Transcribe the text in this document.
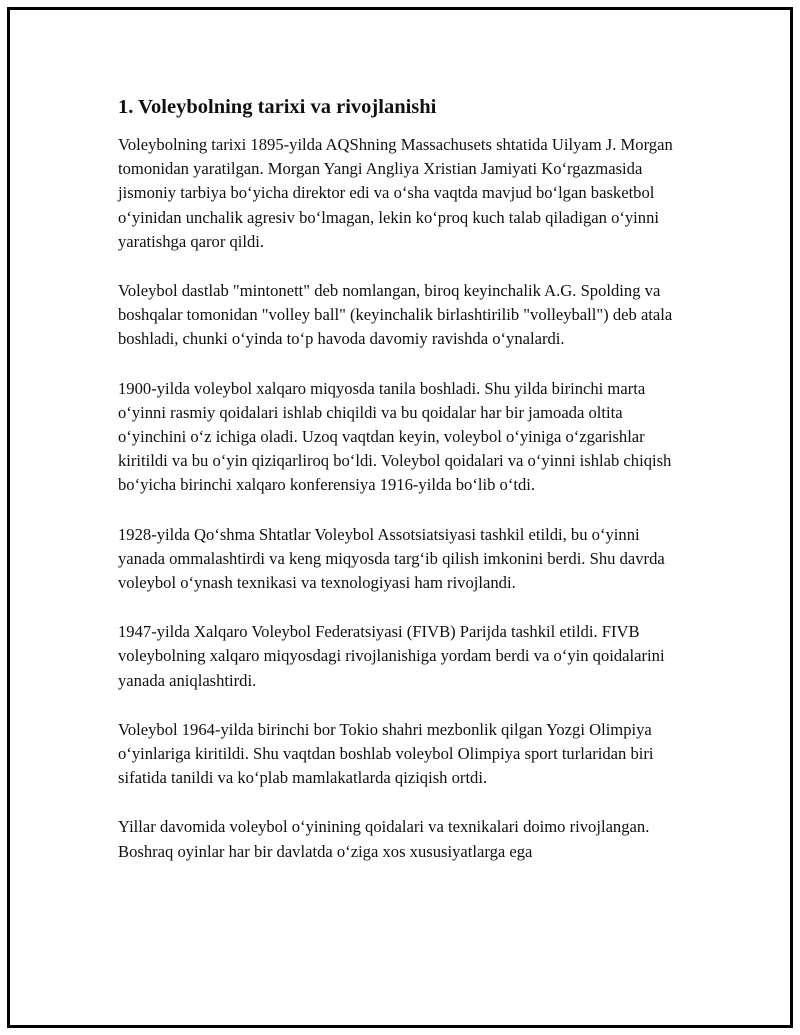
1. Voleybolning tarixi va rivojlanishi

Voleybolning tarixi 1895-yilda AQShning Massachusets shtatida Uilyam J. Morgan tomonidan yaratilgan. Morgan Yangi Angliya Xristian Jamiyati Koʻrgazmasida jismoniy tarbiya boʻyicha direktor edi va oʻsha vaqtda mavjud boʻlgan basketbol oʻyinidan unchalik agresiv boʻlmagan, lekin koʻproq kuch talab qiladigan oʻyinni yaratishga qaror qildi.

Voleybol dastlab "mintonett" deb nomlangan, biroq keyinchalik A.G. Spolding va boshqalar tomonidan "volley ball" (keyinchalik birlashtirilib "volleyball") deb atala boshladi, chunki oʻyinda toʻp havoda davomiy ravishda oʻynalardi.

1900-yilda voleybol xalqaro miqyosda tanila boshladi. Shu yilda birinchi marta oʻyinni rasmiy qoidalari ishlab chiqildi va bu qoidalar har bir jamoada oltita oʻyinchini oʻz ichiga oladi. Uzoq vaqtdan keyin, voleybol oʻyiniga oʻzgarishlar kiritildi va bu oʻyin qiziqarliroq boʻldi. Voleybol qoidalari va oʻyinni ishlab chiqish boʻyicha birinchi xalqaro konferensiya 1916-yilda boʻlib oʻtdi.

1928-yilda Qoʻshma Shtatlar Voleybol Assotsiatsiyasi tashkil etildi, bu oʻyinni yanada ommalashtirdi va keng miqyosda targʻib qilish imkonini berdi. Shu davrda voleybol oʻynash texnikasi va texnologiyasi ham rivojlandi.

1947-yilda Xalqaro Voleybol Federatsiyasi (FIVB) Parijda tashkil etildi. FIVB voleybolning xalqaro miqyosdagi rivojlanishiga yordam berdi va oʻyin qoidalarini yanada aniqlashtirdi.

Voleybol 1964-yilda birinchi bor Tokio shahri mezbonlik qilgan Yozgi Olimpiya oʻyinlariga kiritildi. Shu vaqtdan boshlab voleybol Olimpiya sport turlaridan biri sifatida tanildi va koʻplab mamlakatlarda qiziqish ortdi.

Yillar davomida voleybol oʻyinining qoidalari va texnikalari doimo rivojlangan. Boshraq oyinlar har bir davlatda oʻziga xos xususiyatlarga ega
